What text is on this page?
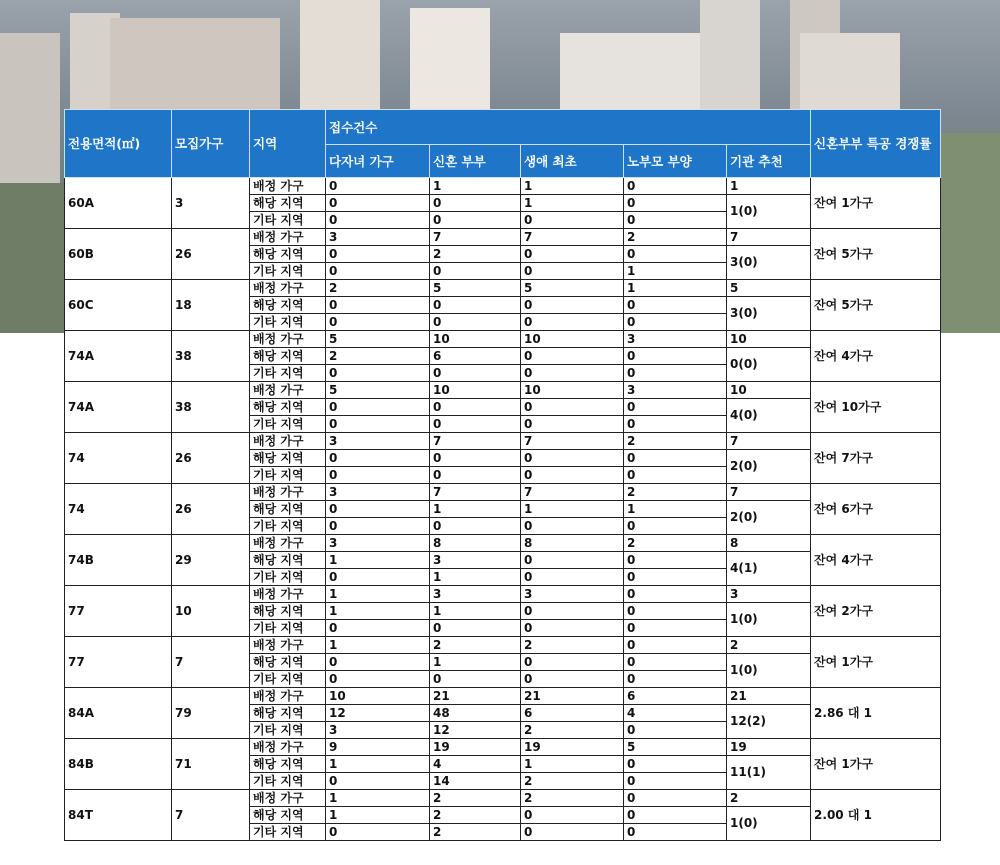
전용면적(㎡)	모집가구	지역	접수건수					신혼부부 특공 경쟁률
			다자녀 가구	신혼 부부	생애 최초	노부모 부양	기관 추천	
60A	3	배정 가구	0	1	1	0	1	잔여 1가구
		해당 지역	0	0	1	0	1(0)	
		기타 지역	0	0	0	0		
60B	26	배정 가구	3	7	7	2	7	잔여 5가구
		해당 지역	0	2	0	0	3(0)	
		기타 지역	0	0	0	1		
60C	18	배정 가구	2	5	5	1	5	잔여 5가구
		해당 지역	0	0	0	0	3(0)	
		기타 지역	0	0	0	0		
74A	38	배정 가구	5	10	10	3	10	잔여 4가구
		해당 지역	2	6	0	0	0(0)	
		기타 지역	0	0	0	0		
74A	38	배정 가구	5	10	10	3	10	잔여 10가구
		해당 지역	0	0	0	0	4(0)	
		기타 지역	0	0	0	0		
74	26	배정 가구	3	7	7	2	7	잔여 7가구
		해당 지역	0	0	0	0	2(0)	
		기타 지역	0	0	0	0		
74	26	배정 가구	3	7	7	2	7	잔여 6가구
		해당 지역	0	1	1	1	2(0)	
		기타 지역	0	0	0	0		
74B	29	배정 가구	3	8	8	2	8	잔여 4가구
		해당 지역	1	3	0	0	4(1)	
		기타 지역	0	1	0	0		
77	10	배정 가구	1	3	3	0	3	잔여 2가구
		해당 지역	1	1	0	0	1(0)	
		기타 지역	0	0	0	0		
77	7	배정 가구	1	2	2	0	2	잔여 1가구
		해당 지역	0	1	0	0	1(0)	
		기타 지역	0	0	0	0		
84A	79	배정 가구	10	21	21	6	21	2.86 대 1
		해당 지역	12	48	6	4	12(2)	
		기타 지역	3	12	2	0		
84B	71	배정 가구	9	19	19	5	19	잔여 1가구
		해당 지역	1	4	1	0	11(1)	
		기타 지역	0	14	2	0		
84T	7	배정 가구	1	2	2	0	2	2.00 대 1
		해당 지역	1	2	0	0	1(0)	
		기타 지역	0	2	0	0		
